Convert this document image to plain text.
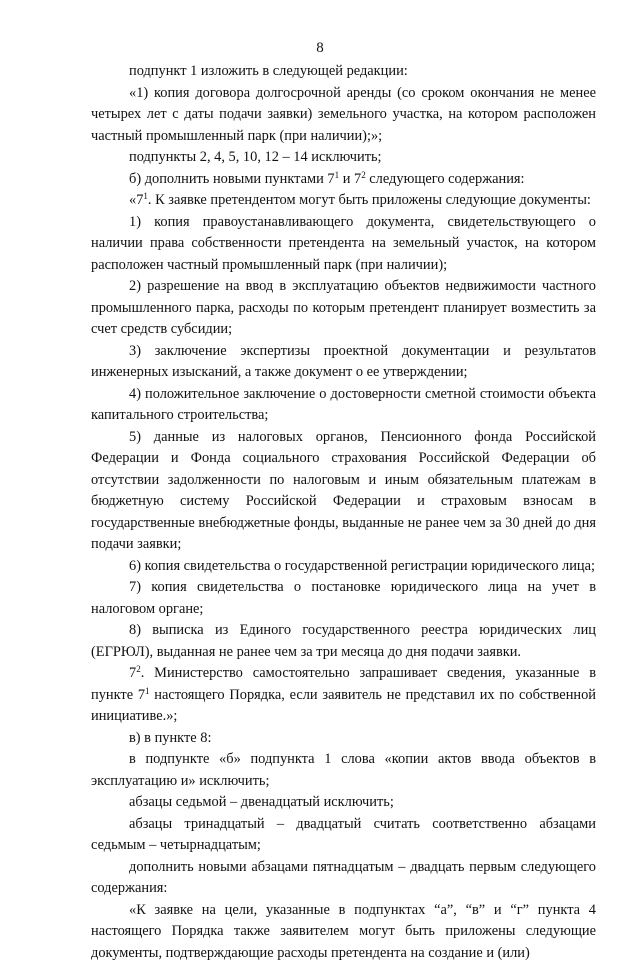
8

подпункт 1 изложить в следующей редакции:

«1) копия договора долгосрочной аренды (со сроком окончания не менее четырех лет с даты подачи заявки) земельного участка, на котором расположен частный промышленный парк (при наличии);»;

подпункты 2, 4, 5, 10, 12 – 14 исключить;

б) дополнить новыми пунктами $7^1$ и $7^2$ следующего содержания:

«$7^1$. К заявке претендентом могут быть приложены следующие документы:

1) копия правоустанавливающего документа, свидетельствующего о наличии права собственности претендента на земельный участок, на котором расположен частный промышленный парк (при наличии);

2) разрешение на ввод в эксплуатацию объектов недвижимости частного промышленного парка, расходы по которым претендент планирует возместить за счет средств субсидии;

3) заключение экспертизы проектной документации и результатов инженерных изысканий, а также документ о ее утверждении;

4) положительное заключение о достоверности сметной стоимости объекта капитального строительства;

5) данные из налоговых органов, Пенсионного фонда Российской Федерации и Фонда социального страхования Российской Федерации об отсутствии задолженности по налоговым и иным обязательным платежам в бюджетную систему Российской Федерации и страховым взносам в государственные внебюджетные фонды, выданные не ранее чем за 30 дней до дня подачи заявки;

6) копия свидетельства о государственной регистрации юридического лица;

7) копия свидетельства о постановке юридического лица на учет в налоговом органе;

8) выписка из Единого государственного реестра юридических лиц (ЕГРЮЛ), выданная не ранее чем за три месяца до дня подачи заявки.

$7^2$. Министерство самостоятельно запрашивает сведения, указанные в пункте $7^1$ настоящего Порядка, если заявитель не представил их по собственной инициативе.»;

в) в пункте 8:

в подпункте «б» подпункта 1 слова «копии актов ввода объектов в эксплуатацию и» исключить;

абзацы седьмой – двенадцатый исключить;

абзацы тринадцатый – двадцатый считать соответственно абзацами седьмым – четырнадцатым;

дополнить новыми абзацами пятнадцатым – двадцать первым следующего содержания:

«К заявке на цели, указанные в подпунктах “а”, “в” и “г” пункта 4 настоящего Порядка также заявителем могут быть приложены следующие документы, подтверждающие расходы претендента на создание и (или)
